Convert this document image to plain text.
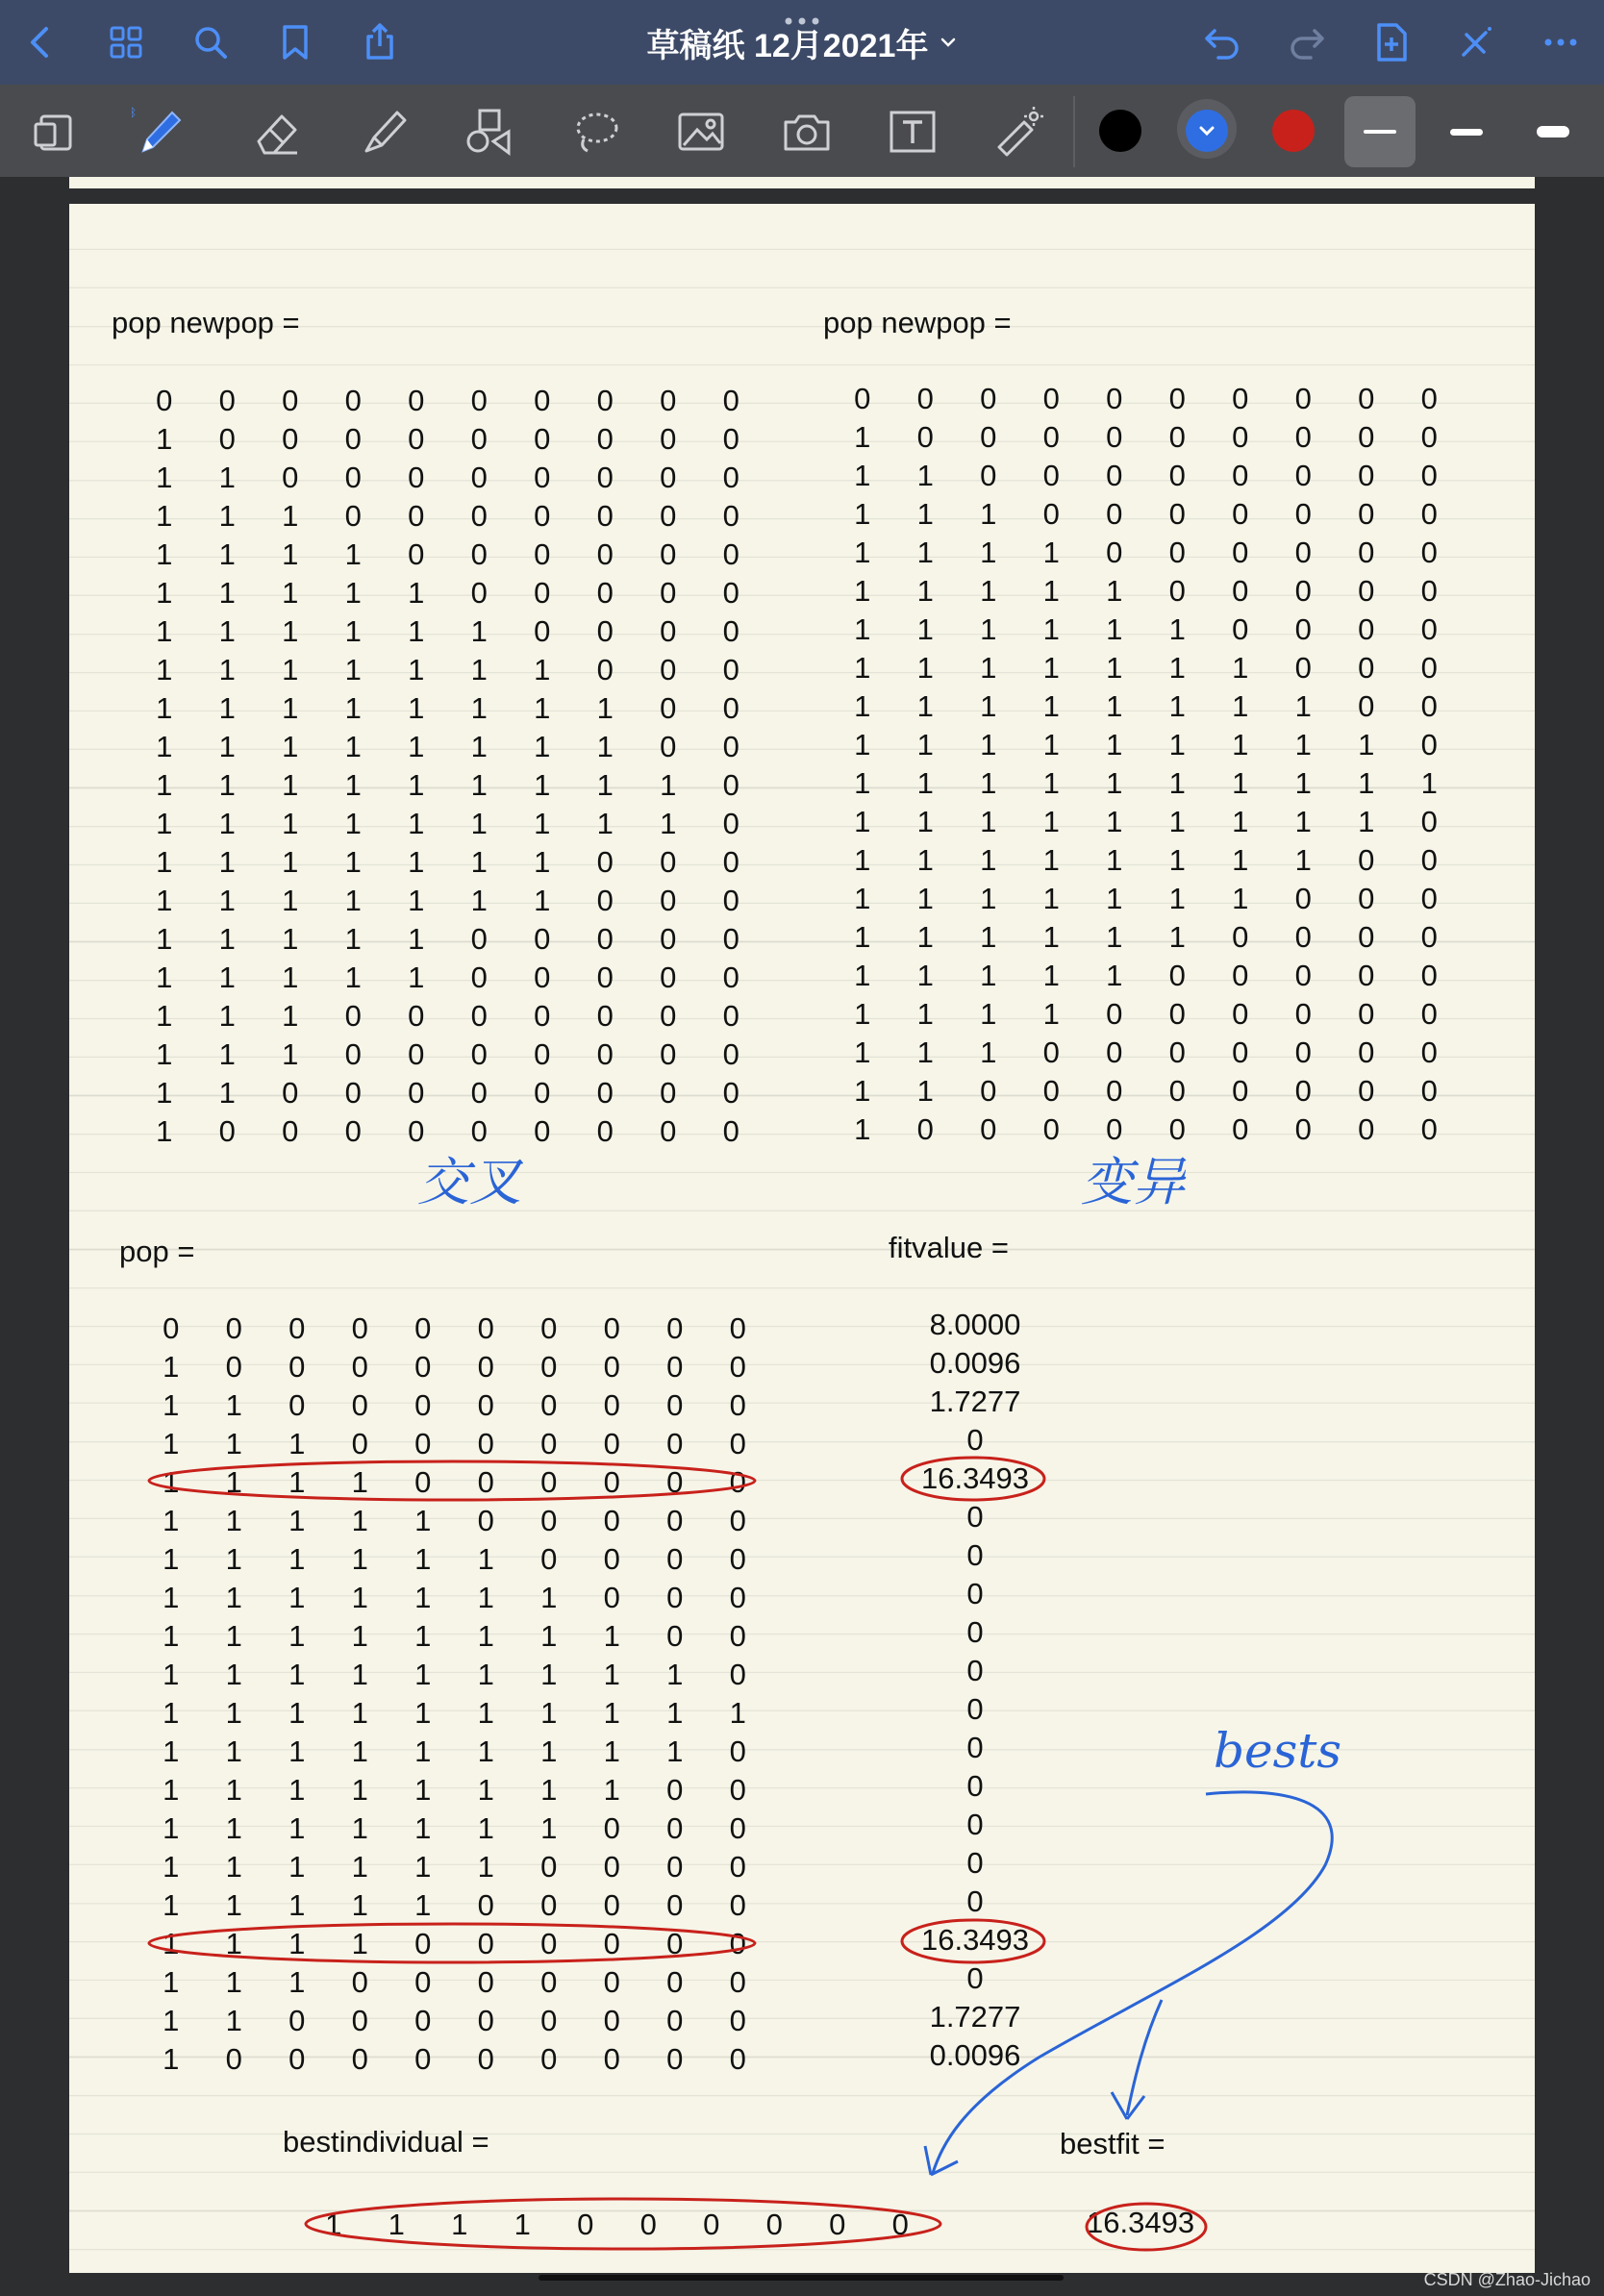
草稿纸 12月2021年
ᛒ
pop newpop =	pop newpop =
0	0	0	0	0	0	0	0	0	0
1	0	0	0	0	0	0	0	0	0
1	1	0	0	0	0	0	0	0	0
1	1	1	0	0	0	0	0	0	0
1	1	1	1	0	0	0	0	0	0
1	1	1	1	1	0	0	0	0	0
1	1	1	1	1	1	0	0	0	0
1	1	1	1	1	1	1	0	0	0
1	1	1	1	1	1	1	1	0	0
1	1	1	1	1	1	1	1	0	0
1	1	1	1	1	1	1	1	1	0
1	1	1	1	1	1	1	1	1	0
1	1	1	1	1	1	1	0	0	0
1	1	1	1	1	1	1	0	0	0
1	1	1	1	1	0	0	0	0	0
1	1	1	1	1	0	0	0	0	0
1	1	1	0	0	0	0	0	0	0
1	1	1	0	0	0	0	0	0	0
1	1	0	0	0	0	0	0	0	0
1	0	0	0	0	0	0	0	0	0
0	0	0	0	0	0	0	0	0	0
1	0	0	0	0	0	0	0	0	0
1	1	0	0	0	0	0	0	0	0
1	1	1	0	0	0	0	0	0	0
1	1	1	1	0	0	0	0	0	0
1	1	1	1	1	0	0	0	0	0
1	1	1	1	1	1	0	0	0	0
1	1	1	1	1	1	1	0	0	0
1	1	1	1	1	1	1	1	0	0
1	1	1	1	1	1	1	1	1	0
1	1	1	1	1	1	1	1	1	1
1	1	1	1	1	1	1	1	1	0
1	1	1	1	1	1	1	1	0	0
1	1	1	1	1	1	1	0	0	0
1	1	1	1	1	1	0	0	0	0
1	1	1	1	1	0	0	0	0	0
1	1	1	1	0	0	0	0	0	0
1	1	1	0	0	0	0	0	0	0
1	1	0	0	0	0	0	0	0	0
1	0	0	0	0	0	0	0	0	0
pop =	fitvalue =
0	0	0	0	0	0	0	0	0	0
1	0	0	0	0	0	0	0	0	0
1	1	0	0	0	0	0	0	0	0
1	1	1	0	0	0	0	0	0	0
1	1	1	1	0	0	0	0	0	0
1	1	1	1	1	0	0	0	0	0
1	1	1	1	1	1	0	0	0	0
1	1	1	1	1	1	1	0	0	0
1	1	1	1	1	1	1	1	0	0
1	1	1	1	1	1	1	1	1	0
1	1	1	1	1	1	1	1	1	1
1	1	1	1	1	1	1	1	1	0
1	1	1	1	1	1	1	1	0	0
1	1	1	1	1	1	1	0	0	0
1	1	1	1	1	1	0	0	0	0
1	1	1	1	1	0	0	0	0	0
1	1	1	1	0	0	0	0	0	0
1	1	1	0	0	0	0	0	0	0
1	1	0	0	0	0	0	0	0	0
1	0	0	0	0	0	0	0	0	0
8.0000
0.0096
1.7277
0
16.3493
0
0
0
0
0
0
0
0
0
0
0
16.3493
0
1.7277
0.0096
bestindividual =
1	1	1	1	0	0	0	0	0	0
bestfit =
16.3493
交叉	变异
bests
CSDN @Zhao-Jichao
